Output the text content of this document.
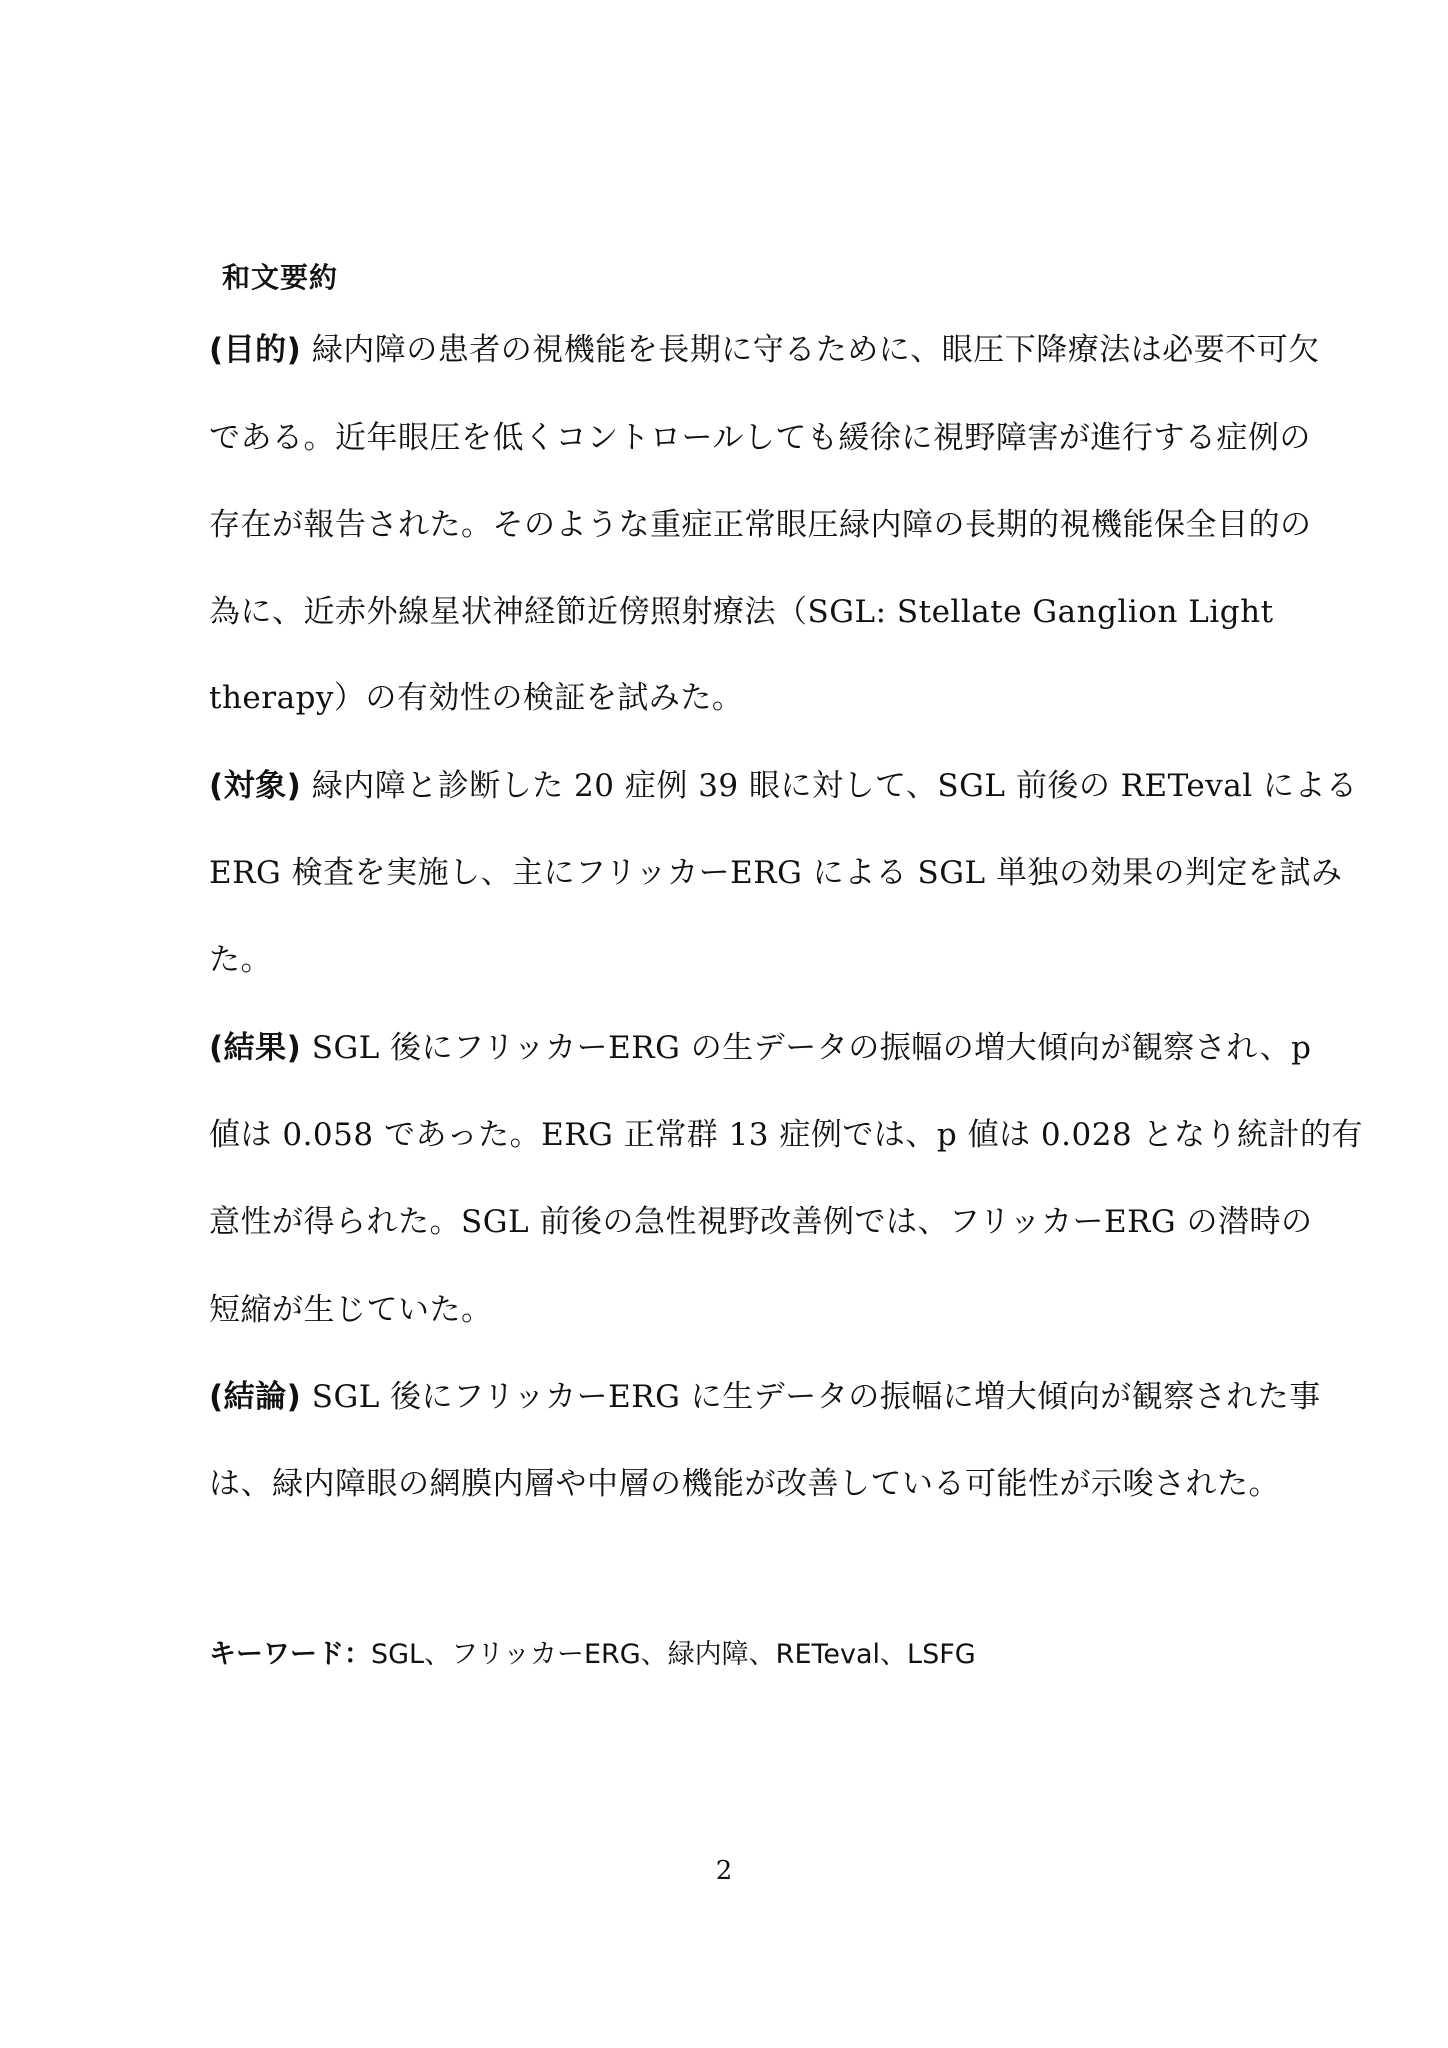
和文要約
(目的) 緑内障の患者の視機能を長期に守るために、眼圧下降療法は必要不可欠
である。近年眼圧を低くコントロールしても緩徐に視野障害が進行する症例の
存在が報告された。そのような重症正常眼圧緑内障の長期的視機能保全目的の
為に、近赤外線星状神経節近傍照射療法（SGL: Stellate Ganglion Light
therapy）の有効性の検証を試みた。
(対象) 緑内障と診断した 20 症例 39 眼に対して、SGL 前後の RETeval による
ERG 検査を実施し、主にフリッカーERG による SGL 単独の効果の判定を試み
た。
(結果) SGL 後にフリッカーERG の生データの振幅の増大傾向が観察され、p
値は 0.058 であった。ERG 正常群 13 症例では、p 値は 0.028 となり統計的有
意性が得られた。SGL 前後の急性視野改善例では、フリッカーERG の潜時の
短縮が生じていた。
(結論) SGL 後にフリッカーERG に生データの振幅に増大傾向が観察された事
は、緑内障眼の網膜内層や中層の機能が改善している可能性が示唆された。
キーワード：SGL、フリッカーERG、緑内障、RETeval、LSFG
2
